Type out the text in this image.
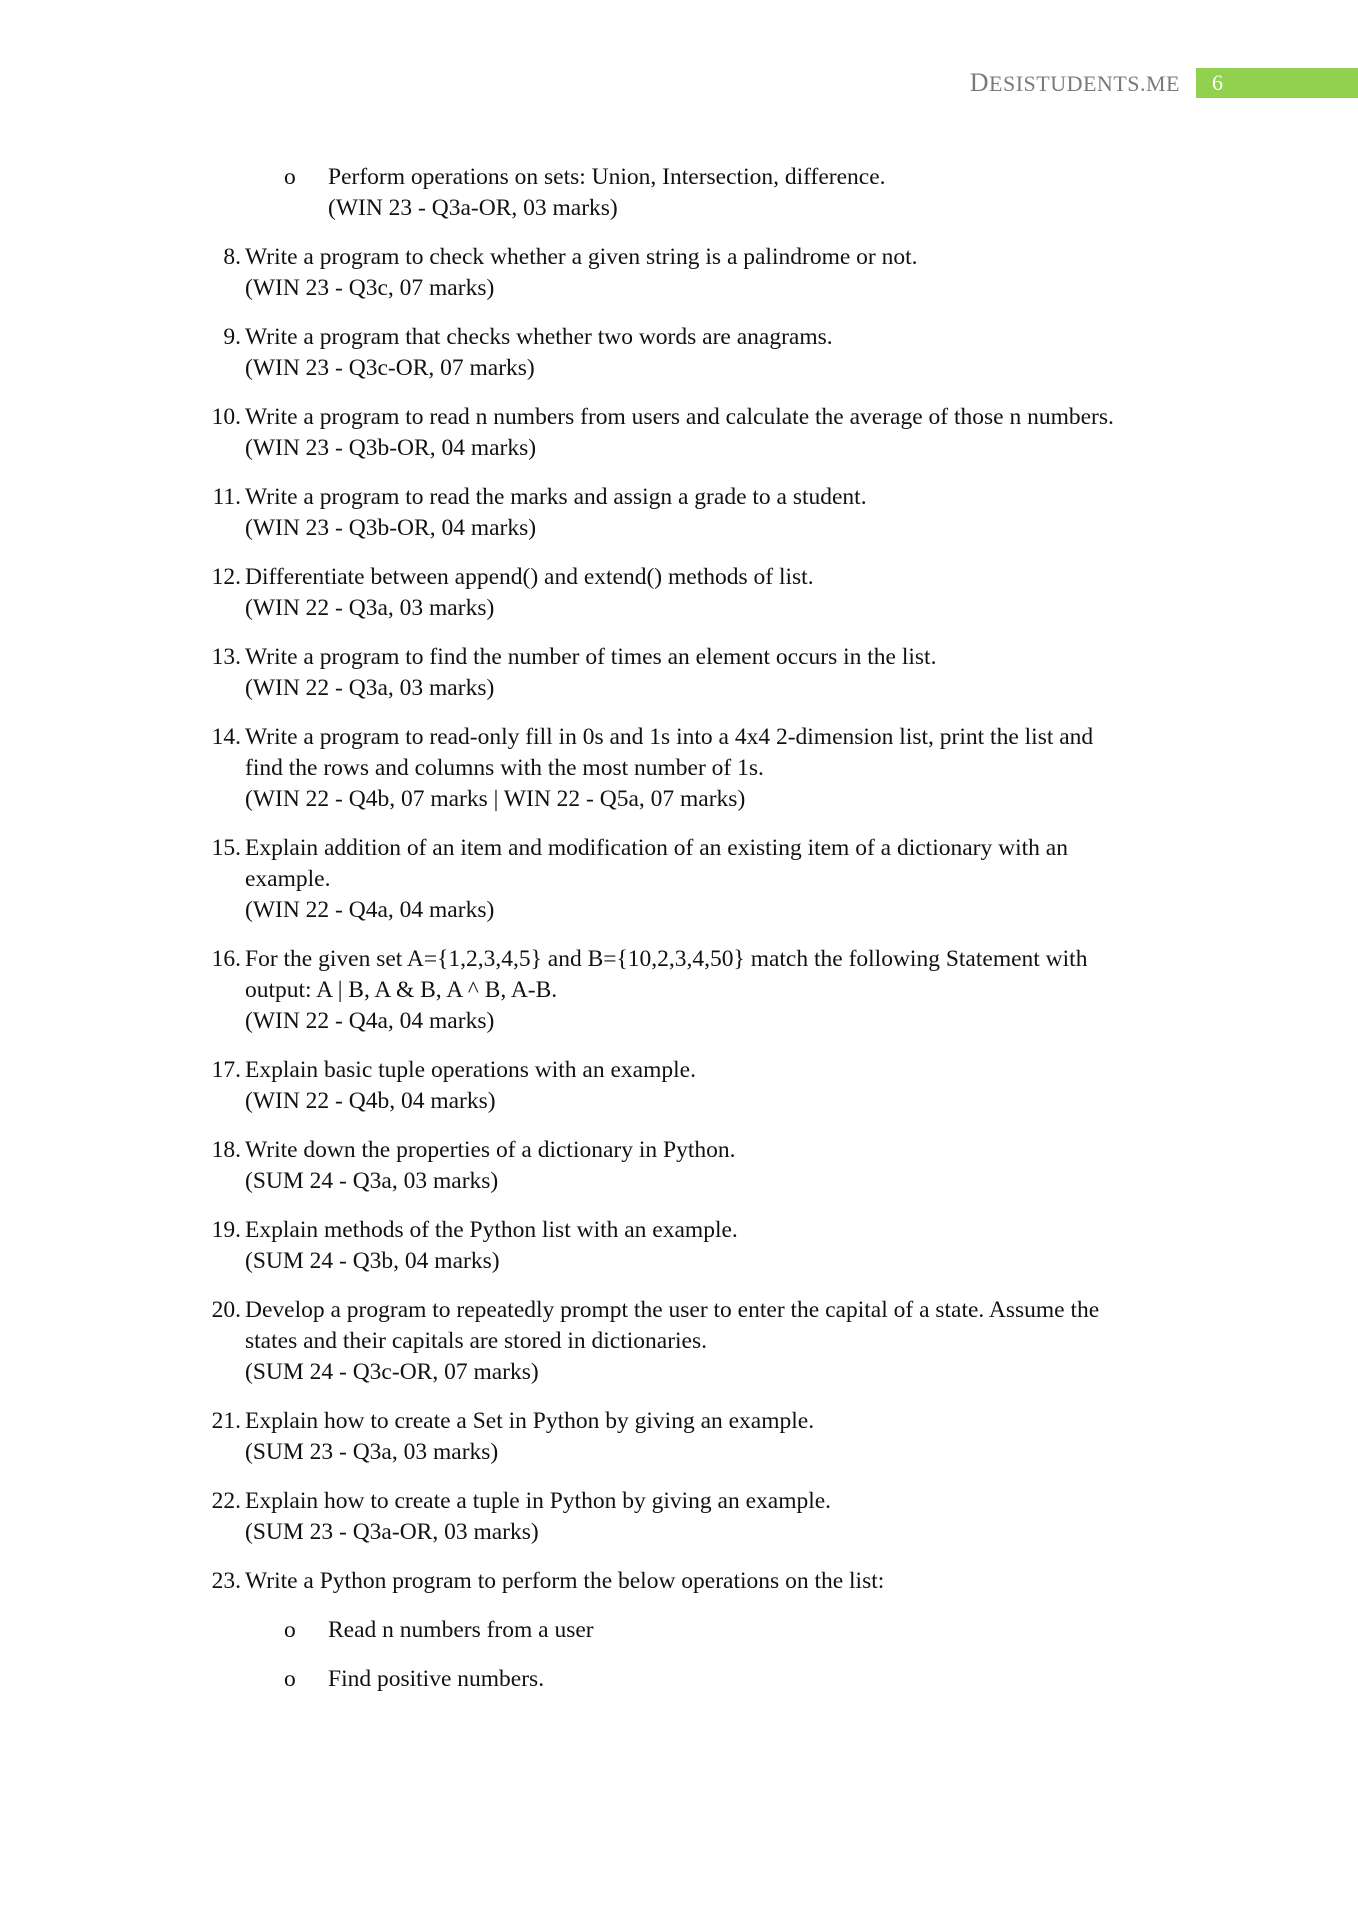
DESISTUDENTS.ME	6
o Perform operations on sets: Union, Intersection, difference.
(WIN 23 - Q3a-OR, 03 marks)
8. Write a program to check whether a given string is a palindrome or not.
(WIN 23 - Q3c, 07 marks)
9. Write a program that checks whether two words are anagrams.
(WIN 23 - Q3c-OR, 07 marks)
10. Write a program to read n numbers from users and calculate the average of those n numbers.
(WIN 23 - Q3b-OR, 04 marks)
11. Write a program to read the marks and assign a grade to a student.
(WIN 23 - Q3b-OR, 04 marks)
12. Differentiate between append() and extend() methods of list.
(WIN 22 - Q3a, 03 marks)
13. Write a program to find the number of times an element occurs in the list.
(WIN 22 - Q3a, 03 marks)
14. Write a program to read-only fill in 0s and 1s into a 4x4 2-dimension list, print the list and
find the rows and columns with the most number of 1s.
(WIN 22 - Q4b, 07 marks | WIN 22 - Q5a, 07 marks)
15. Explain addition of an item and modification of an existing item of a dictionary with an
example.
(WIN 22 - Q4a, 04 marks)
16. For the given set A={1,2,3,4,5} and B={10,2,3,4,50} match the following Statement with
output: A | B, A & B, A ^ B, A-B.
(WIN 22 - Q4a, 04 marks)
17. Explain basic tuple operations with an example.
(WIN 22 - Q4b, 04 marks)
18. Write down the properties of a dictionary in Python.
(SUM 24 - Q3a, 03 marks)
19. Explain methods of the Python list with an example.
(SUM 24 - Q3b, 04 marks)
20. Develop a program to repeatedly prompt the user to enter the capital of a state. Assume the
states and their capitals are stored in dictionaries.
(SUM 24 - Q3c-OR, 07 marks)
21. Explain how to create a Set in Python by giving an example.
(SUM 23 - Q3a, 03 marks)
22. Explain how to create a tuple in Python by giving an example.
(SUM 23 - Q3a-OR, 03 marks)
23. Write a Python program to perform the below operations on the list:
o Read n numbers from a user
o Find positive numbers.
